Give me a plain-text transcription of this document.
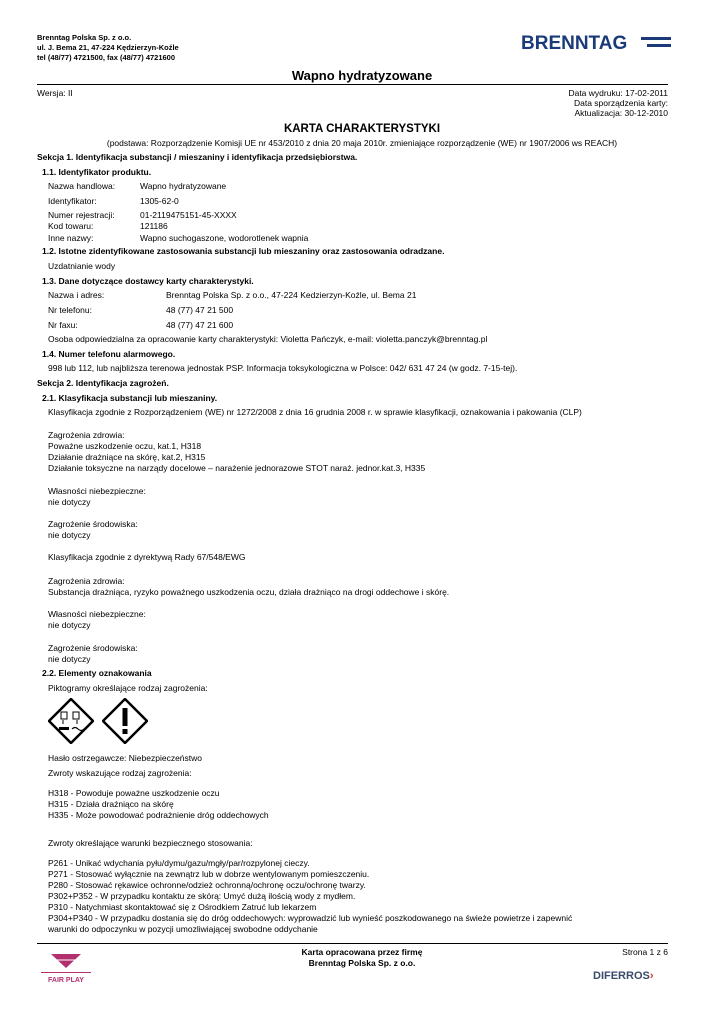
Brenntag Polska Sp. z o.o.
ul. J. Bema 21, 47-224 Kędzierzyn-Koźle
tel (48/77) 4721500, fax (48/77) 4721600
BRENNTAG
Wapno hydratyzowane
Wersja: II	Data wydruku: 17-02-2011
Data sporządzenia karty:
Aktualizacja: 30-12-2010
KARTA CHARAKTERYSTYKI
(podstawa: Rozporządzenie Komisji UE nr 453/2010 z dnia 20 maja 2010r. zmieniające rozporządzenie (WE) nr 1907/2006 ws REACH)
Sekcja 1. Identyfikacja substancji / mieszaniny i identyfikacja przedsiębiorstwa.
1.1. Identyfikator produktu.
Nazwa handlowa:	Wapno hydratyzowane
Identyfikator:	1305-62-0
Numer rejestracji:	01-2119475151-45-XXXX
Kod towaru:	121186
Inne nazwy:	Wapno suchogaszone, wodorotlenek wapnia
1.2. Istotne zidentyfikowane zastosowania substancji lub mieszaniny oraz zastosowania odradzane.
Uzdatnianie wody
1.3. Dane dotyczące dostawcy karty charakterystyki.
Nazwa i adres:	Brenntag Polska Sp. z o.o., 47-224 Kedzierzyn-Koźle, ul. Bema 21
Nr telefonu:	48 (77) 47 21 500
Nr faxu:	48 (77) 47 21 600
Osoba odpowiedzialna za opracowanie karty charakterystyki: Violetta Pańczyk, e-mail: violetta.panczyk@brenntag.pl
1.4. Numer telefonu alarmowego.
998 lub 112, lub najbliższa terenowa jednostak PSP. Informacja toksykologiczna w Polsce: 042/ 631 47 24 (w godz. 7-15-tej).
Sekcja 2. Identyfikacja zagrożeń.
2.1. Klasyfikacja substancji lub mieszaniny.
Klasyfikacja zgodnie z Rozporządzeniem (WE) nr 1272/2008 z dnia 16 grudnia 2008 r. w sprawie klasyfikacji, oznakowania i pakowania (CLP)
Zagrożenia zdrowia:
Poważne uszkodzenie oczu, kat.1, H318
Działanie drażniące na skórę, kat.2, H315
Działanie toksyczne na narządy docelowe – narażenie jednorazowe STOT naraż. jednor.kat.3, H335
Własności niebezpieczne:
nie dotyczy
Zagrożenie środowiska:
nie dotyczy
Klasyfikacja zgodnie z dyrektywą Rady 67/548/EWG
Zagrożenia zdrowia:
Substancja drażniąca, ryzyko poważnego uszkodzenia oczu, działa drażniąco na drogi oddechowe i skórę.
Własności niebezpieczne:
nie dotyczy
Zagrożenie środowiska:
nie dotyczy
2.2. Elementy oznakowania
Piktogramy określające rodzaj zagrożenia:
Hasło ostrzegawcze: Niebezpieczeństwo
Zwroty wskazujące rodzaj zagrożenia:
H318 - Powoduje poważne uszkodzenie oczu
H315 - Działa drażniąco na skórę
H335 - Może powodować podrażnienie dróg oddechowych
Zwroty określające warunki bezpiecznego stosowania:
P261 - Unikać wdychania pyłu/dymu/gazu/mgły/par/rozpylonej cieczy.
P271 - Stosować wyłącznie na zewnątrz lub w dobrze wentylowanym pomieszczeniu.
P280 - Stosować rękawice ochronne/odzież ochronną/ochronę oczu/ochronę twarzy.
P302+P352 - W przypadku kontaktu ze skórą: Umyć dużą ilością wody z mydłem.
P310 - Natychmiast skontaktować się z Ośrodkiem Zatruć lub lekarzem
P304+P340 - W przypadku dostania się do dróg oddechowych: wyprowadzić lub wynieść poszkodowanego na świeże powietrze i zapewnić
warunki do odpoczynku w pozycji umozliwiającej swobodne oddychanie
Karta opracowana przez firmę
Brenntag Polska Sp. z o.o.
Strona 1 z 6
FAIR PLAY	DIFERROS›
